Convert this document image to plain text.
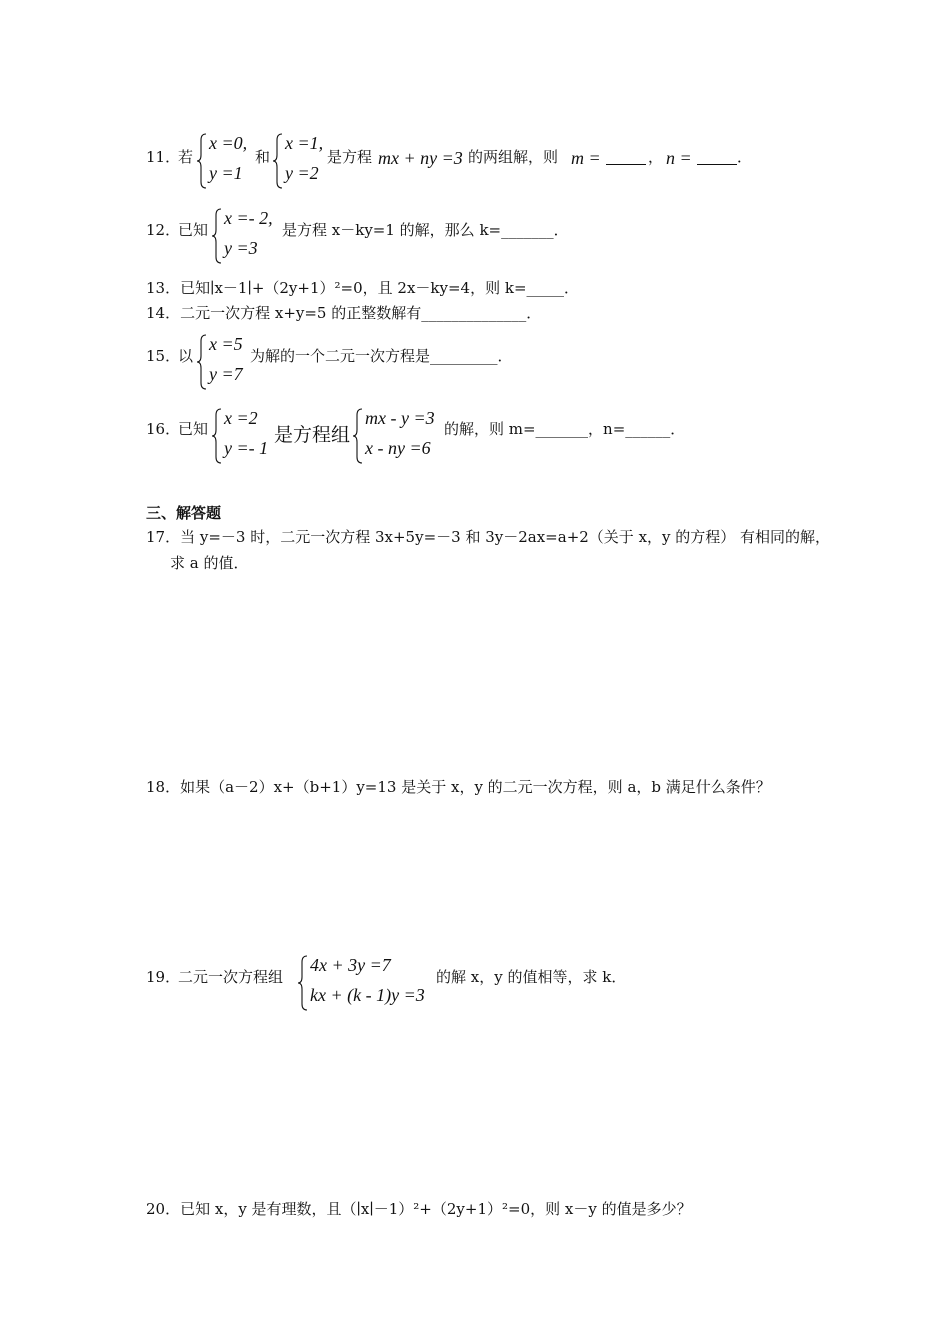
11．
若
x =0,
y =1
和
x =1,
y =2
是方程 mx + ny =3 的两组解，则 m =	， n =	．
12．
已知
x =- 2,
y =3
是方程 x－ky=1 的解，那么 k=_______．
13．已知∣x－1∣+（2y+1）²=0，且 2x－ky=4，则 k=_____．
14．二元一次方程 x+y=5 的正整数解有______________．
15．
以
x =5
y =7
为解的一个二元一次方程是_________．
16．
已知
x =2
y =- 1
是方程组
mx - y =3
x - ny =6
的解，则 m=_______，n=______．
三、解答题
17．当 y=－3 时，二元一次方程 3x+5y=－3 和 3y－2ax=a+2（关于 x，y 的方程） 有相同的解，
求 a 的值．
18．如果（a－2）x+（b+1）y=13 是关于 x，y 的二元一次方程，则 a，b 满足什么条件？
19．
二元一次方程组
4x + 3y =7
kx + (k - 1)y =3
的解 x，y 的值相等，求 k．
20．已知 x，y 是有理数，且（∣x∣－1）²+（2y+1）²=0，则 x－y 的值是多少？
